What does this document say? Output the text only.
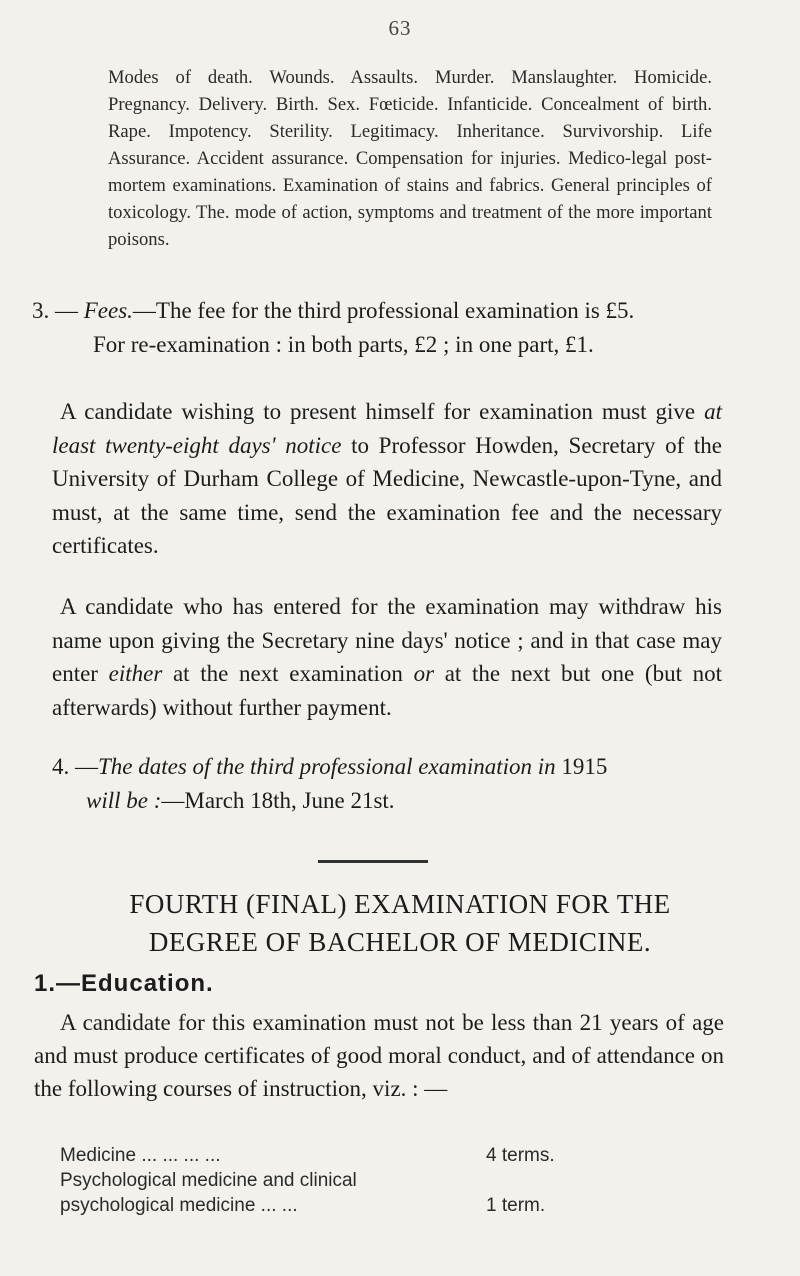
63
Modes of death. Wounds. Assaults. Murder. Manslaughter. Homicide. Pregnancy. Delivery. Birth. Sex. Fœticide. Infanticide. Concealment of birth. Rape. Impotency. Sterility. Legitimacy. Inheritance. Survivorship. Life Assurance. Accident assurance. Compensation for injuries. Medico-legal post-mortem examinations. Examination of stains and fabrics. General principles of toxicology. The. mode of action, symptoms and treatment of the more important poisons.
3. — Fees.—The fee for the third professional examination is £5.
For re-examination : in both parts, £2 ; in one part, £1.
A candidate wishing to present himself for examination must give at least twenty-eight days' notice to Professor Howden, Secretary of the University of Durham College of Medicine, Newcastle-upon-Tyne, and must, at the same time, send the examination fee and the necessary certificates.
A candidate who has entered for the examination may withdraw his name upon giving the Secretary nine days' notice ; and in that case may enter either at the next examination or at the next but one (but not afterwards) without further payment.
4. —The dates of the third professional examination in 1915
will be :—March 18th, June 21st.
FOURTH (FINAL) EXAMINATION FOR THE
DEGREE OF BACHELOR OF MEDICINE.
1.—Education.
A candidate for this examination must not be less than 21 years of age and must produce certificates of good moral conduct, and of attendance on the following courses of instruction, viz. : —
Medicine ... ... ... ...	4 terms.
Psychological medicine and clinical
psychological medicine ... ...	1 term.
